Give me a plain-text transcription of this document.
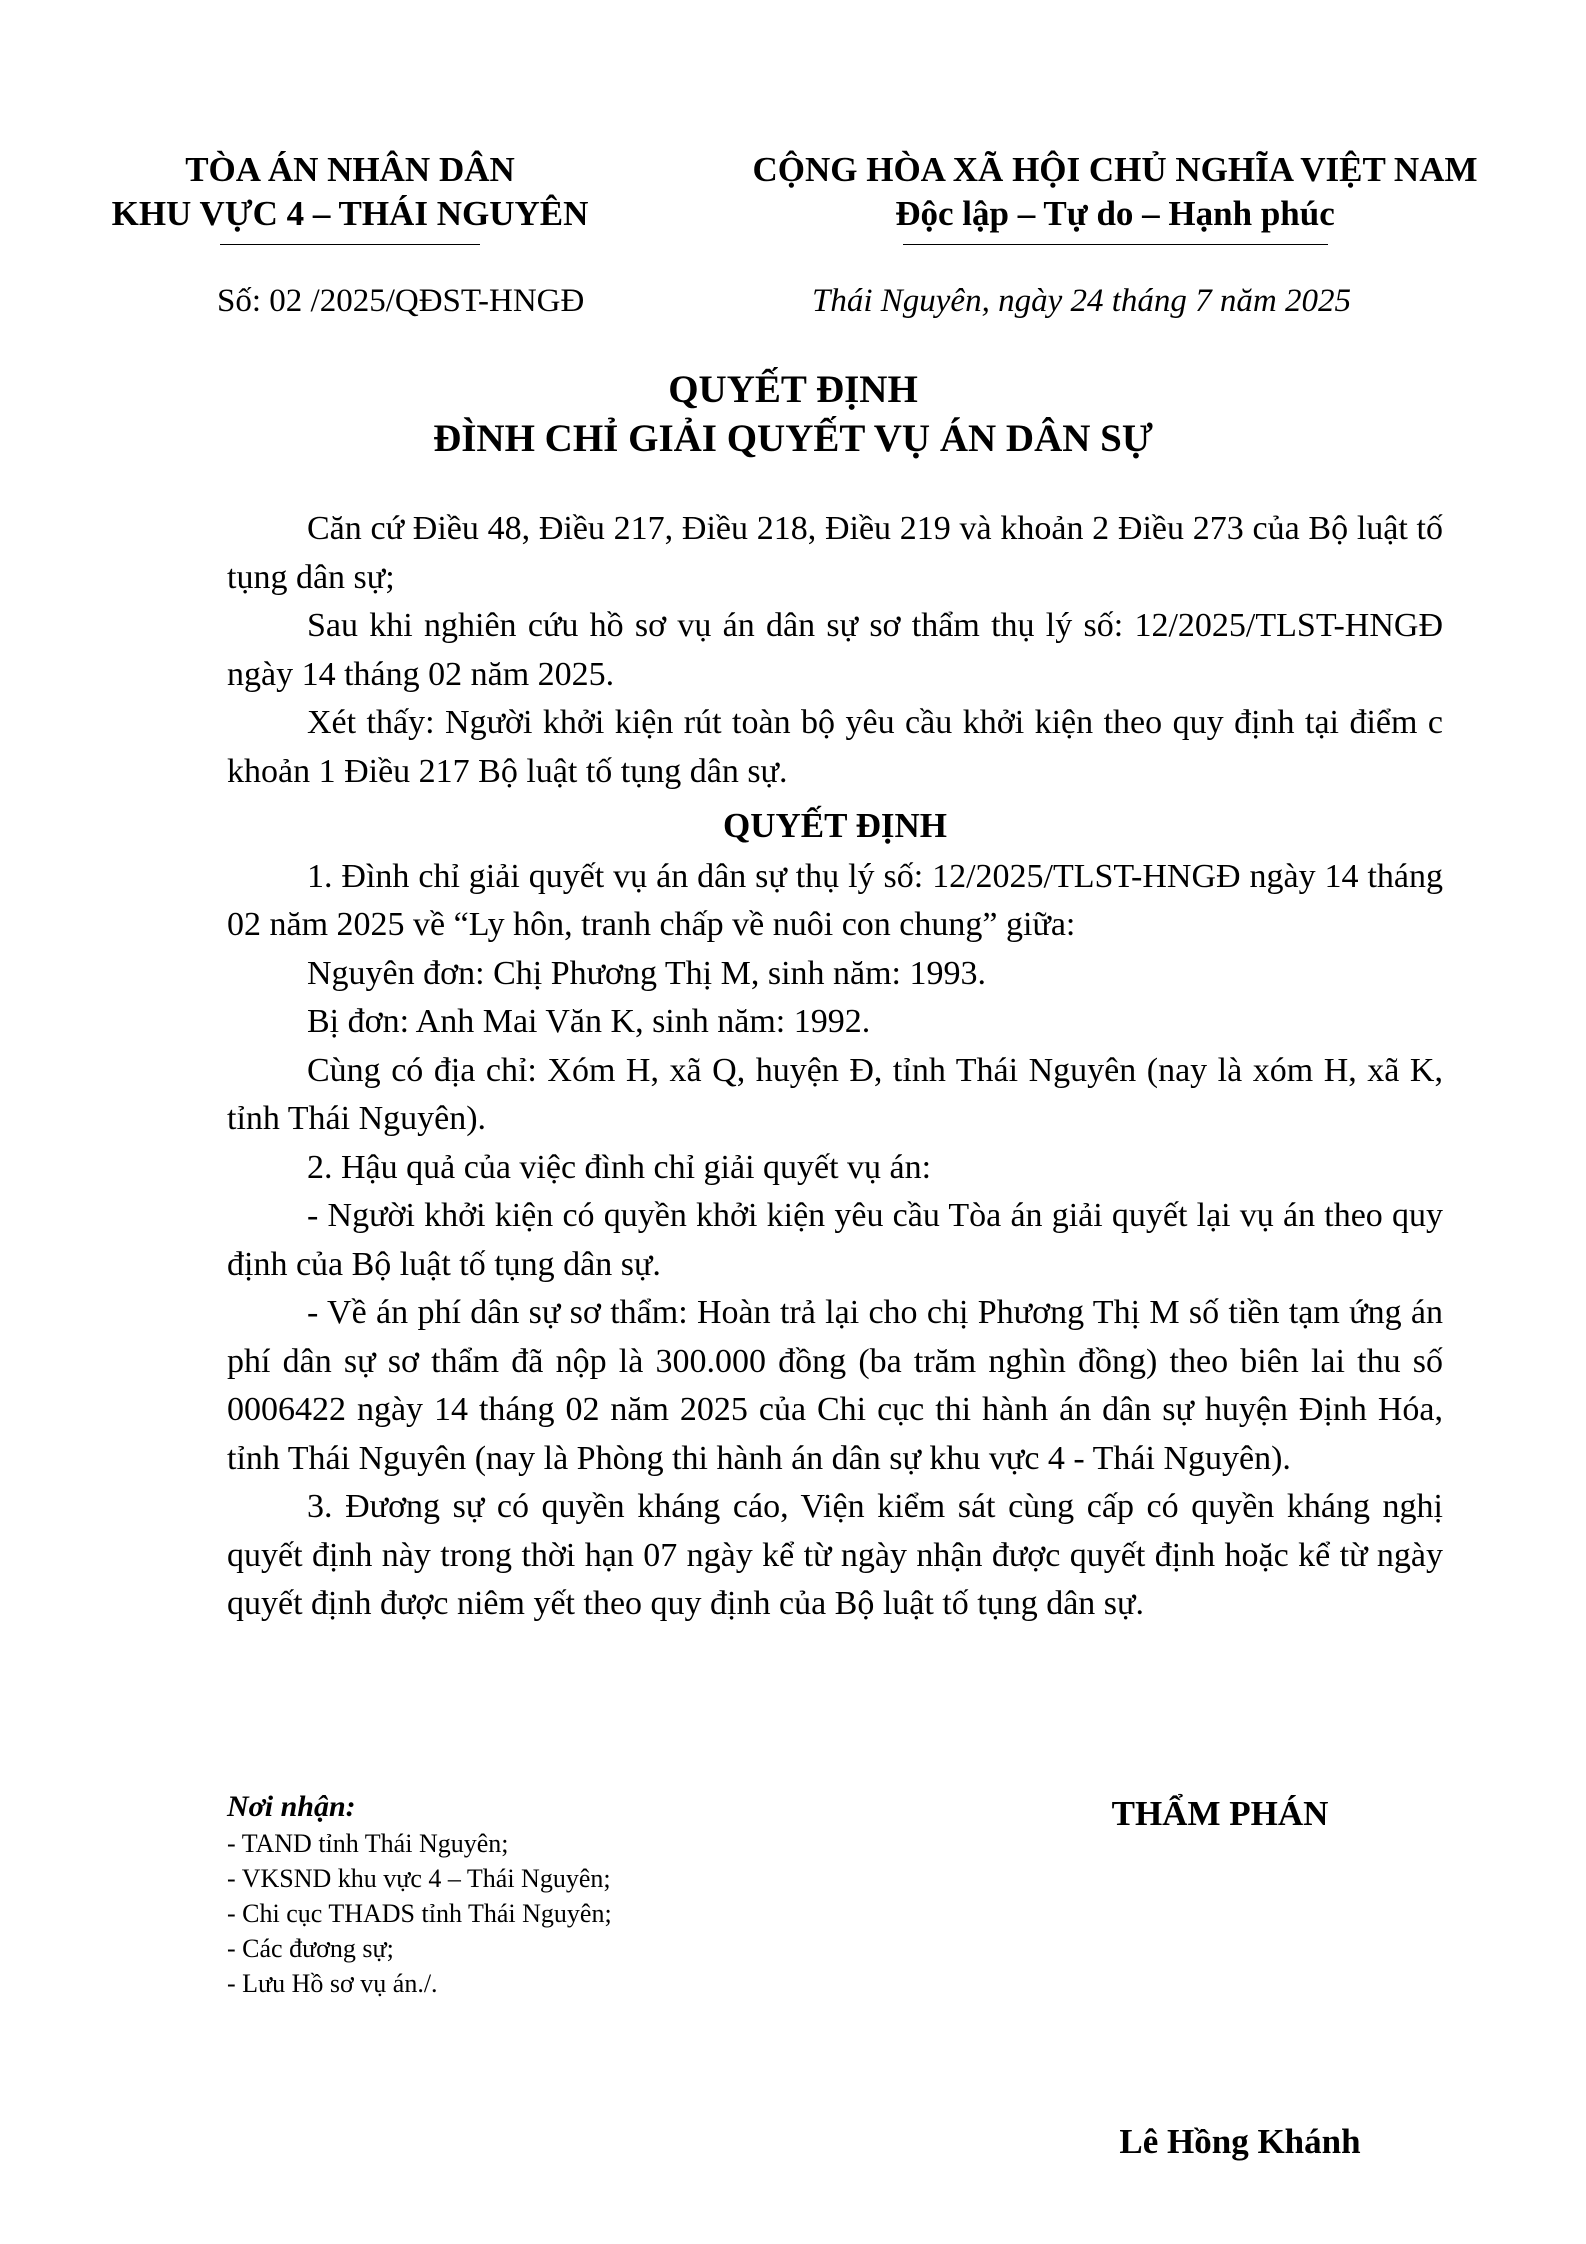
TÒA ÁN NHÂN DÂN
KHU VỰC 4 – THÁI NGUYÊN
CỘNG HÒA XÃ HỘI CHỦ NGHĨA VIỆT NAM
Độc lập – Tự do – Hạnh phúc
Số: 02 /2025/QĐST-HNGĐ	Thái Nguyên, ngày 24 tháng 7 năm 2025
QUYẾT ĐỊNH
ĐÌNH CHỈ GIẢI QUYẾT VỤ ÁN DÂN SỰ

Căn cứ Điều 48, Điều 217, Điều 218, Điều 219 và khoản 2 Điều 273 của Bộ luật tố tụng dân sự;

Sau khi nghiên cứu hồ sơ vụ án dân sự sơ thẩm thụ lý số: 12/2025/TLST-HNGĐ ngày 14 tháng 02 năm 2025.

Xét thấy: Người khởi kiện rút toàn bộ yêu cầu khởi kiện theo quy định tại điểm c khoản 1 Điều 217 Bộ luật tố tụng dân sự.

QUYẾT ĐỊNH

1. Đình chỉ giải quyết vụ án dân sự thụ lý số: 12/2025/TLST-HNGĐ ngày 14 tháng 02 năm 2025 về “Ly hôn, tranh chấp về nuôi con chung” giữa:

Nguyên đơn: Chị Phương Thị M, sinh năm: 1993.

Bị đơn: Anh Mai Văn K, sinh năm: 1992.

Cùng có địa chỉ: Xóm H, xã Q, huyện Đ, tỉnh Thái Nguyên (nay là xóm H, xã K, tỉnh Thái Nguyên).

2. Hậu quả của việc đình chỉ giải quyết vụ án:

- Người khởi kiện có quyền khởi kiện yêu cầu Tòa án giải quyết lại vụ án theo quy định của Bộ luật tố tụng dân sự.

- Về án phí dân sự sơ thẩm: Hoàn trả lại cho chị Phương Thị M số tiền tạm ứng án phí dân sự sơ thẩm đã nộp là 300.000 đồng (ba trăm nghìn đồng) theo biên lai thu số 0006422 ngày 14 tháng 02 năm 2025 của Chi cục thi hành án dân sự huyện Định Hóa, tỉnh Thái Nguyên (nay là Phòng thi hành án dân sự khu vực 4 - Thái Nguyên).

3. Đương sự có quyền kháng cáo, Viện kiểm sát cùng cấp có quyền kháng nghị quyết định này trong thời hạn 07 ngày kể từ ngày nhận được quyết định hoặc kể từ ngày quyết định được niêm yết theo quy định của Bộ luật tố tụng dân sự.

Nơi nhận:

- TAND tỉnh Thái Nguyên;

- VKSND khu vực 4 – Thái Nguyên;

- Chi cục THADS tỉnh Thái Nguyên;

- Các đương sự;

- Lưu Hồ sơ vụ án./.

THẨM PHÁN
Lê Hồng Khánh
